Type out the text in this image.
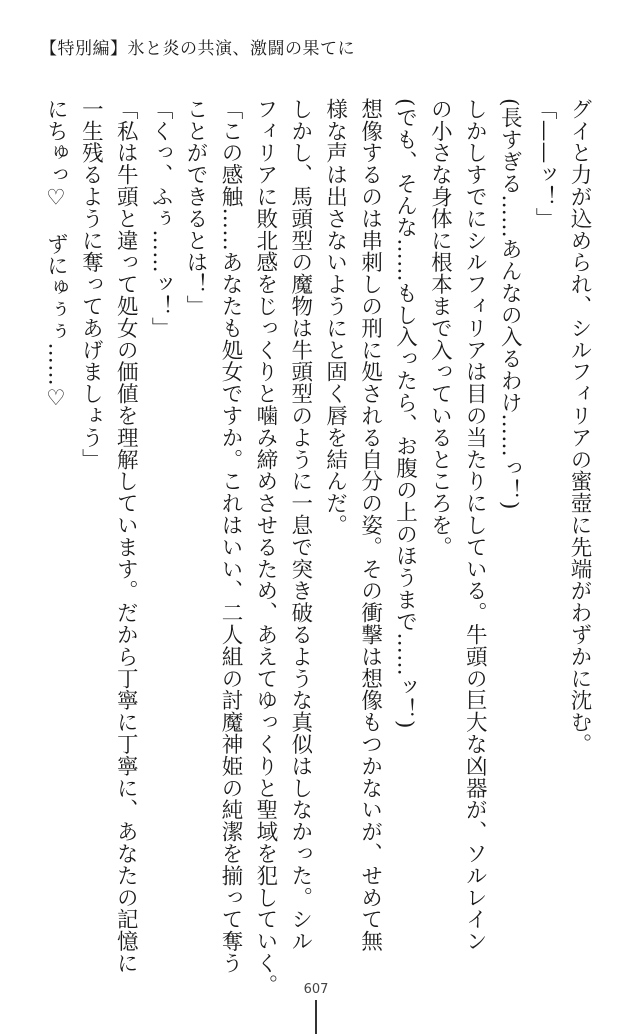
【特別編】氷と炎の共演、激闘の果てに

グイと力が込められ、シルフィリアの蜜壺に先端がわずかに沈む。

「——ッ！」

(長すぎる……あんなの入るわけ……っ！)

しかしすでにシルフィリアは目の当たりにしている。牛頭の巨大な凶器が、ソルレイン

の小さな身体に根本まで入っているところを。

(でも、そんな……もし入ったら、お腹の上のほうまで……ッ！)

想像するのは串刺しの刑に処される自分の姿。その衝撃は想像もつかないが、せめて無

様な声は出さないようにと固く唇を結んだ。

しかし、馬頭型の魔物は牛頭型のように一息で突き破るような真似はしなかった。シル

フィリアに敗北感をじっくりと噛み締めさせるため、あえてゆっくりと聖域を犯していく。

「この感触……あなたも処女ですか。これはいい、二人組の討魔神姫の純潔を揃って奪う

ことができるとは！」

「くっ、ふぅ……ッ！」

「私は牛頭と違って処女の価値を理解しています。だから丁寧に丁寧に、あなたの記憶に

一生残るように奪ってあげましょう」

にちゅっ♡　ずにゅぅぅ……♡

607
